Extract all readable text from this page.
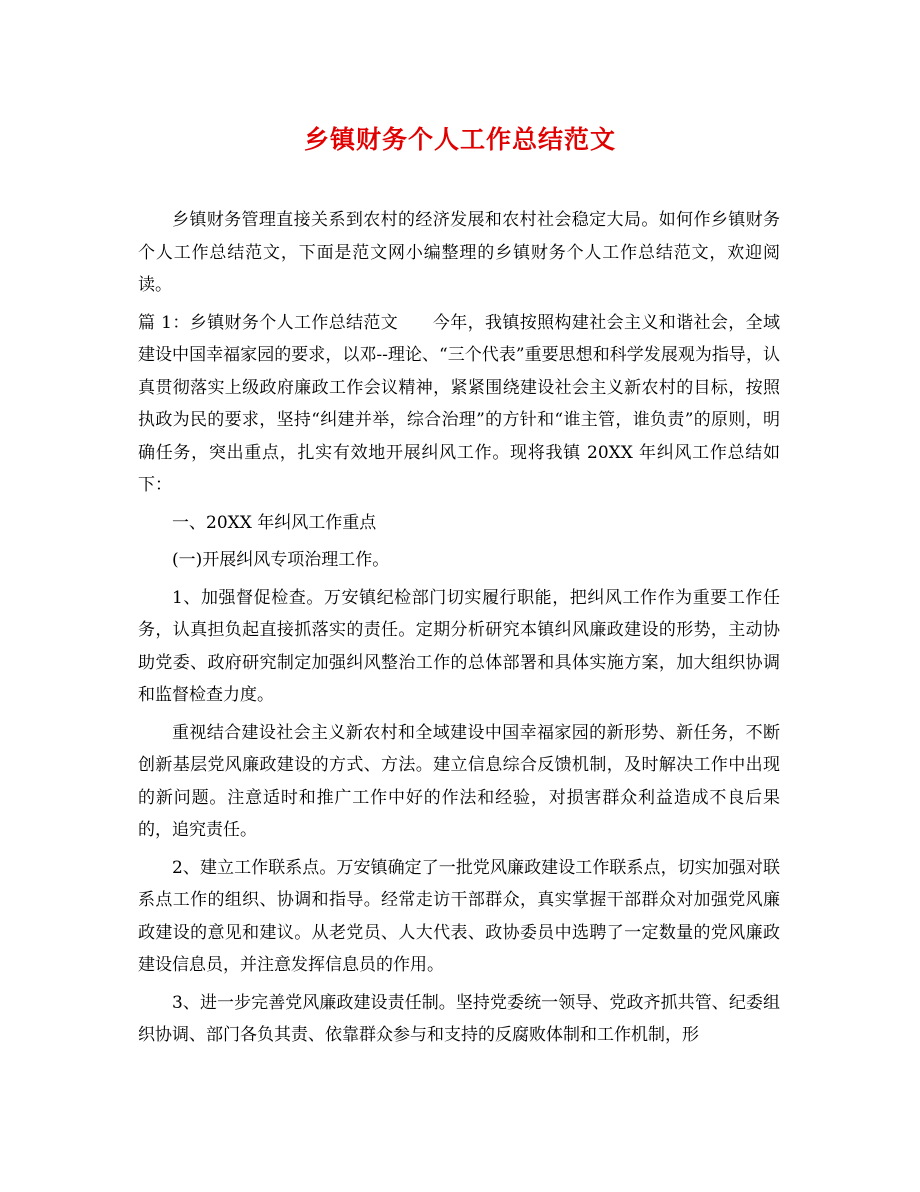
乡镇财务个人工作总结范文

乡镇财务管理直接关系到农村的经济发展和农村社会稳定大局。如何作乡镇财务个人工作总结范文，下面是范文网小编整理的乡镇财务个人工作总结范文，欢迎阅读。

篇 1：乡镇财务个人工作总结范文　　今年，我镇按照构建社会主义和谐社会，全域建设中国幸福家园的要求，以邓--理论、“三个代表”重要思想和科学发展观为指导，认真贯彻落实上级政府廉政工作会议精神，紧紧围绕建设社会主义新农村的目标，按照执政为民的要求，坚持“纠建并举，综合治理”的方针和“谁主管，谁负责”的原则，明确任务，突出重点，扎实有效地开展纠风工作。现将我镇 20XX 年纠风工作总结如下：

一、20XX 年纠风工作重点

(一)开展纠风专项治理工作。

1、加强督促检查。万安镇纪检部门切实履行职能，把纠风工作作为重要工作任务，认真担负起直接抓落实的责任。定期分析研究本镇纠风廉政建设的形势，主动协助党委、政府研究制定加强纠风整治工作的总体部署和具体实施方案，加大组织协调和监督检查力度。

重视结合建设社会主义新农村和全域建设中国幸福家园的新形势、新任务，不断创新基层党风廉政建设的方式、方法。建立信息综合反馈机制，及时解决工作中出现的新问题。注意适时和推广工作中好的作法和经验，对损害群众利益造成不良后果的，追究责任。

2、建立工作联系点。万安镇确定了一批党风廉政建设工作联系点，切实加强对联系点工作的组织、协调和指导。经常走访干部群众，真实掌握干部群众对加强党风廉政建设的意见和建议。从老党员、人大代表、政协委员中选聘了一定数量的党风廉政建设信息员，并注意发挥信息员的作用。

3、进一步完善党风廉政建设责任制。坚持党委统一领导、党政齐抓共管、纪委组织协调、部门各负其责、依靠群众参与和支持的反腐败体制和工作机制，形
